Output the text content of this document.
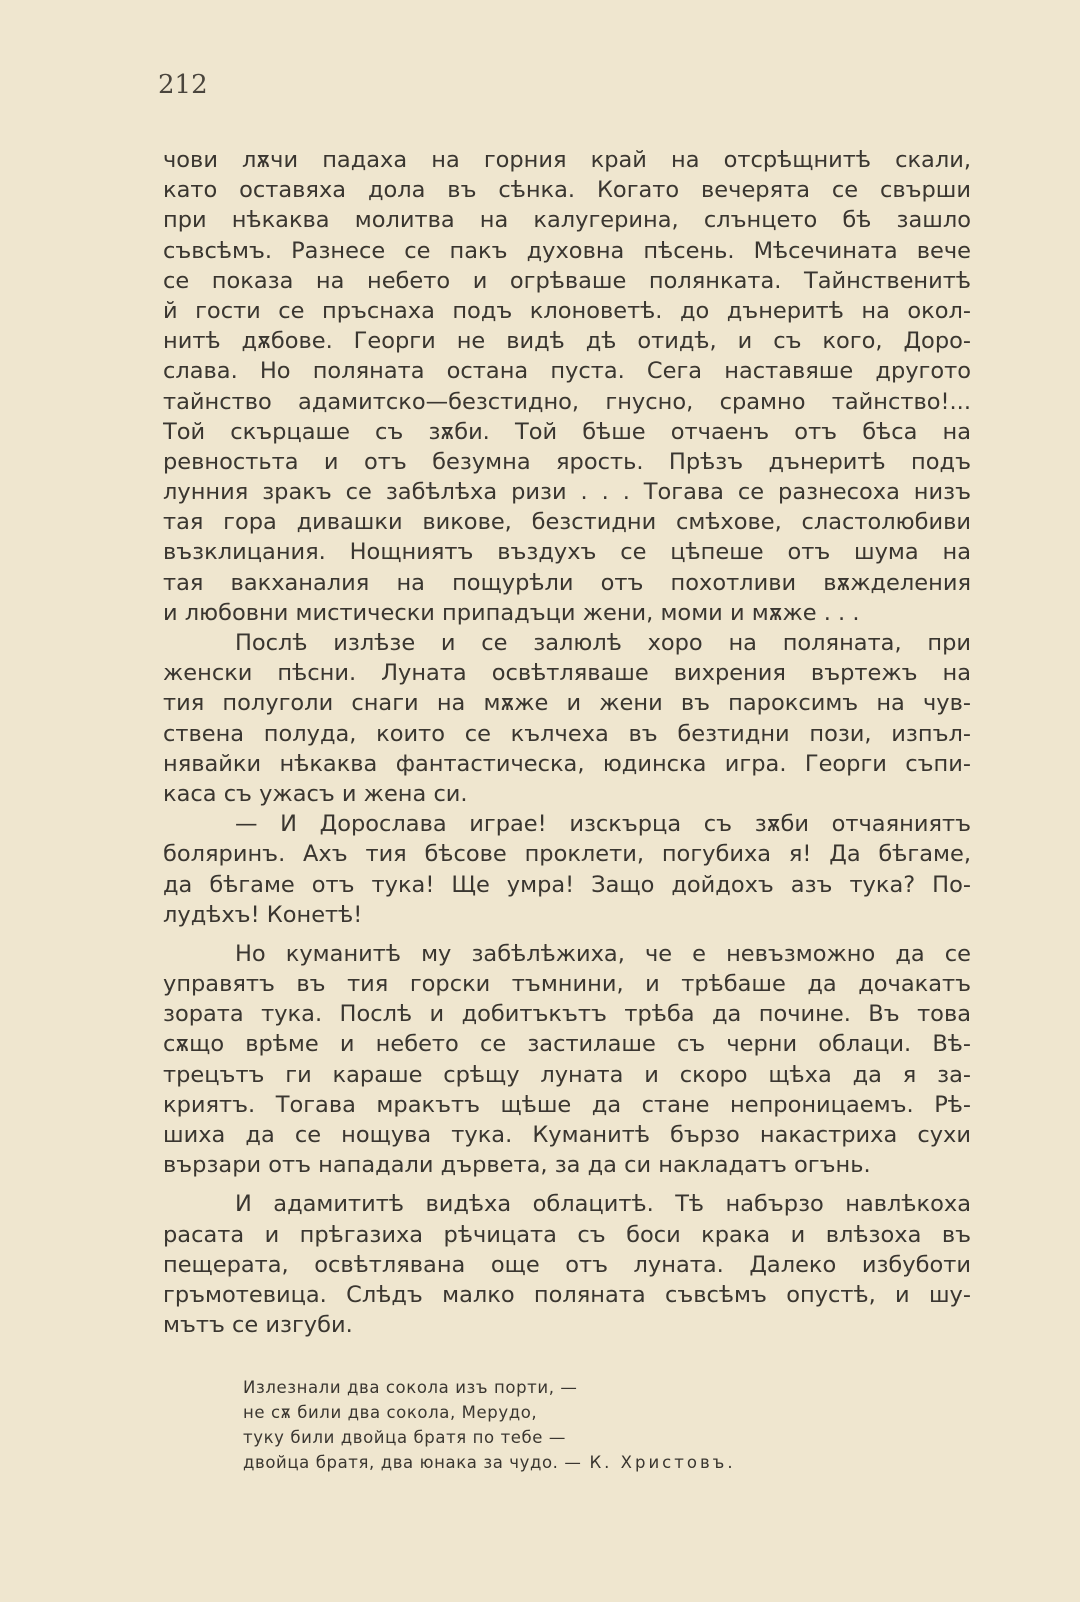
212
чови лѫчи падаха на горния край на отсрѣщнитѣ скали,
като оставяха дола въ сѣнка. Когато вечерята се свърши
при нѣкаква молитва на калугерина, слънцето бѣ зашло
съвсѣмъ. Разнесе се пакъ духовна пѣсень. Мѣсечината вече
се показа на небето и огрѣваше полянката. Тайнственитѣ
й гости се пръснаха подъ клоноветѣ. до дънеритѣ на окол-
нитѣ дѫбове. Георги не видѣ дѣ отидѣ, и съ кого, Доро-
слава. Но поляната остана пуста. Сега наставяше другото
тайнство адамитско—безстидно, гнусно, срамно тайнство!...
Той скърцаше съ зѫби. Той бѣше отчаенъ отъ бѣса на
ревностьта и отъ безумна ярость. Прѣзъ дънеритѣ подъ
лунния зракъ се забѣлѣха ризи . . . Тогава се разнесоха низъ
тая гора дивашки викове, безстидни смѣхове, сластолюбиви
възклицания. Нощниятъ въздухъ се цѣпеше отъ шума на
тая вакханалия на пощурѣли отъ похотливи вѫжделения
и любовни мистически припадъци жени, моми и мѫже . . .
Послѣ излѣзе и се залюлѣ хоро на поляната, при
женски пѣсни. Луната освѣтляваше вихрения въртежъ на
тия полуголи снаги на мѫже и жени въ пароксимъ на чув-
ствена полуда, които се кълчеха въ безтидни пози, изпъл-
нявайки нѣкаква фантастическа, юдинска игра. Георги съпи-
каса съ ужасъ и жена си.
— И Дорослава играе! изскърца съ зѫби отчаяниятъ
боляринъ. Ахъ тия бѣсове проклети, погубиха я! Да бѣгаме,
да бѣгаме отъ тука! Ще умра! Защо дойдохъ азъ тука? По-
лудѣхъ! Конетѣ!
Но куманитѣ му забѣлѣжиха, че е невъзможно да се
управятъ въ тия горски тъмнини, и трѣбаше да дочакатъ
зората тука. Послѣ и добитъкътъ трѣба да почине. Въ това
сѫщо врѣме и небето се застилаше съ черни облаци. Вѣ-
трецътъ ги караше срѣщу луната и скоро щѣха да я за-
криятъ. Тогава мракътъ щѣше да стане непроницаемъ. Рѣ-
шиха да се нощува тука. Куманитѣ бързо накастриха сухи
вързари отъ нападали дървета, за да си накладатъ огънь.
И адамититѣ видѣха облацитѣ. Тѣ набързо навлѣкоха
расата и прѣгазиха рѣчицата съ боси крака и влѣзоха въ
пещерата, освѣтлявана още отъ луната. Далеко избуботи
гръмотевица. Слѣдъ малко поляната съвсѣмъ опустѣ, и шу-
мътъ се изгуби.
Излезнали два сокола изъ порти, —
не сѫ били два сокола, Мерудо,
туку били двойца братя по тебе —
двойца братя, два юнака за чудо. — К. Христовъ.
